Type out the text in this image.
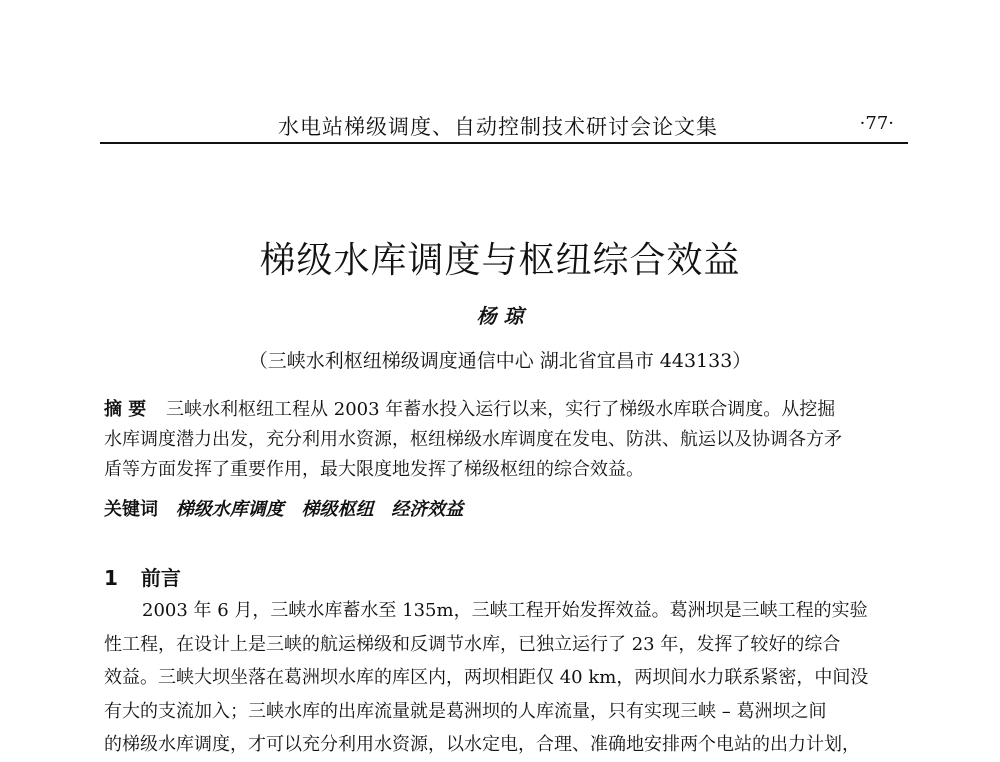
水电站梯级调度、自动控制技术研讨会论文集	·77·
梯级水库调度与枢纽综合效益
杨 琼
（三峡水利枢纽梯级调度通信中心 湖北省宜昌市 443133）
摘 要 三峡水利枢纽工程从 2003 年蓄水投入运行以来，实行了梯级水库联合调度。从挖掘
水库调度潜力出发，充分利用水资源，枢纽梯级水库调度在发电、防洪、航运以及协调各方矛
盾等方面发挥了重要作用，最大限度地发挥了梯级枢纽的综合效益。
关键词 梯级水库调度 梯级枢纽 经济效益
1 前言
2003 年 6 月，三峡水库蓄水至 135m，三峡工程开始发挥效益。葛洲坝是三峡工程的实验
性工程，在设计上是三峡的航运梯级和反调节水库，已独立运行了 23 年，发挥了较好的综合
效益。三峡大坝坐落在葛洲坝水库的库区内，两坝相距仅 40 km，两坝间水力联系紧密，中间没
有大的支流加入；三峡水库的出库流量就是葛洲坝的人库流量，只有实现三峡 – 葛洲坝之间
的梯级水库调度，才可以充分利用水资源，以水定电，合理、准确地安排两个电站的出力计划，
